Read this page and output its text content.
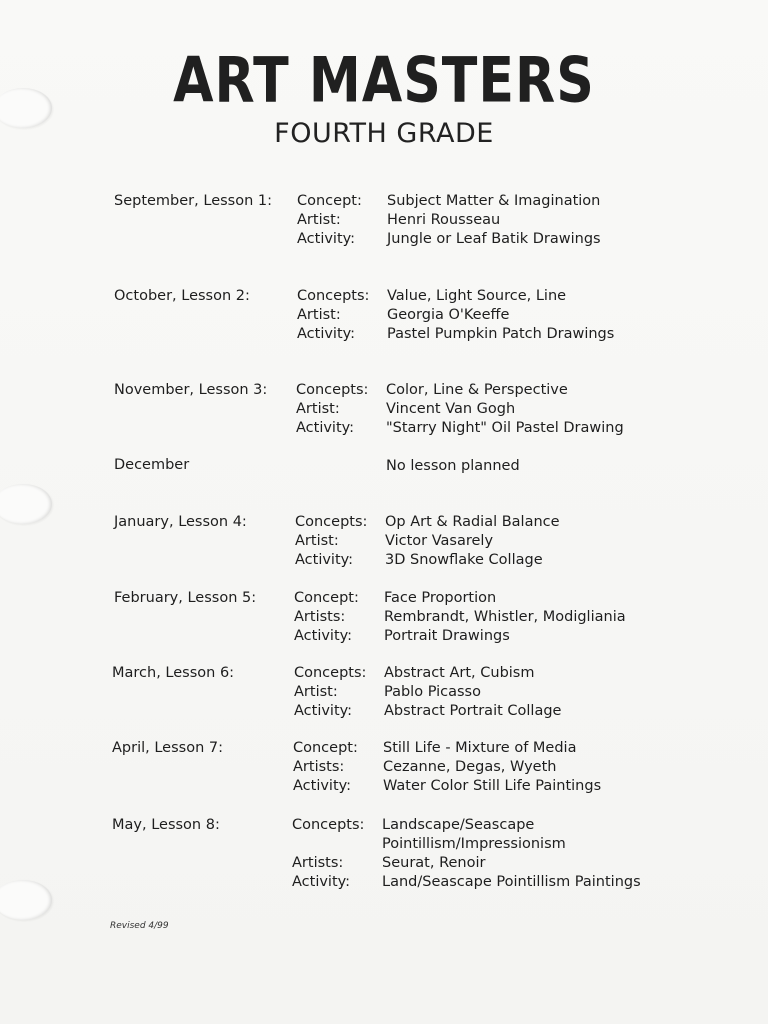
ART MASTERS
FOURTH GRADE
September, Lesson 1: Concept: Subject Matter & Imagination
Artist:	Henri Rousseau
Activity: Jungle or Leaf Batik Drawings
October, Lesson 2:	Concepts: Value, Light Source, Line
Artist:	Georgia O'Keeffe
Activity: Pastel Pumpkin Patch Drawings
November, Lesson 3: Concepts: Color, Line & Perspective
Artist:	Vincent Van Gogh
Activity: "Starry Night" Oil Pastel Drawing
December	No lesson planned
January, Lesson 4:	Concepts: Op Art & Radial Balance
Artist:	Victor Vasarely
Activity: 3D Snowflake Collage
February, Lesson 5:	Concept: Face Proportion
Artists:	Rembrandt, Whistler, Modigliania
Activity: Portrait Drawings
March, Lesson 6:	Concepts: Abstract Art, Cubism
Artist:	Pablo Picasso
Activity: Abstract Portrait Collage
April, Lesson 7:	Concept: Still Life - Mixture of Media
Artists:	Cezanne, Degas, Wyeth
Activity: Water Color Still Life Paintings
May, Lesson 8:	Concepts: Landscape/Seascape
Pointillism/Impressionism
Artists:	Seurat, Renoir
Activity: Land/Seascape Pointillism Paintings
Revised 4/99
